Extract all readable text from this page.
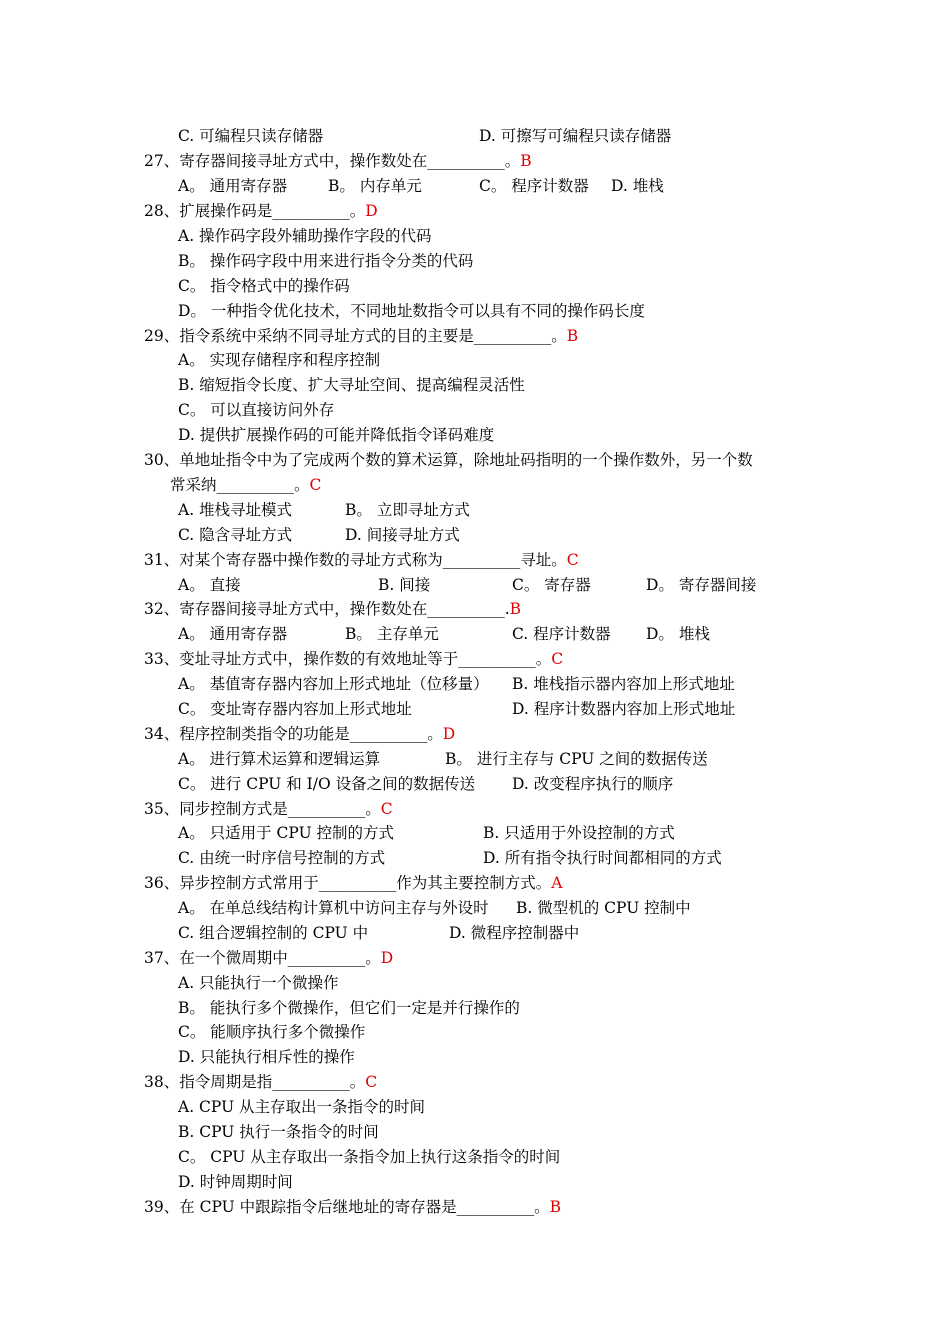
C. 可编程只读存储器	D. 可擦写可编程只读存储器
27、寄存器间接寻址方式中，操作数处在__________。B
A。 通用寄存器	B。 内存单元	C。 程序计数器 D. 堆栈
28、扩展操作码是__________。D
A. 操作码字段外辅助操作字段的代码
B。 操作码字段中用来进行指令分类的代码
C。 指令格式中的操作码
D。 一种指令优化技术，不同地址数指令可以具有不同的操作码长度
29、指令系统中采纳不同寻址方式的目的主要是__________。B
A。 实现存储程序和程序控制
B. 缩短指令长度、扩大寻址空间、提高编程灵活性
C。 可以直接访问外存
D. 提供扩展操作码的可能并降低指令译码难度
30、单地址指令中为了完成两个数的算术运算，除地址码指明的一个操作数外，另一个数
常采纳__________。C
A. 堆栈寻址模式	B。 立即寻址方式
C. 隐含寻址方式	D. 间接寻址方式
31、对某个寄存器中操作数的寻址方式称为__________寻址。C
A。 直接	B. 间接	C。 寄存器	D。 寄存器间接
32、寄存器间接寻址方式中，操作数处在__________.B
A。 通用寄存器	B。 主存单元	C. 程序计数器 D。 堆栈
33、变址寻址方式中，操作数的有效地址等于__________。C
A。 基值寄存器内容加上形式地址（位移量） B. 堆栈指示器内容加上形式地址
C。 变址寄存器内容加上形式地址	D. 程序计数器内容加上形式地址
34、程序控制类指令的功能是__________。D
A。 进行算术运算和逻辑运算	B。 进行主存与 CPU 之间的数据传送
C。 进行 CPU 和 I/O 设备之间的数据传送 D. 改变程序执行的顺序
35、同步控制方式是__________。C
A。 只适用于 CPU 控制的方式	B. 只适用于外设控制的方式
C. 由统一时序信号控制的方式	D. 所有指令执行时间都相同的方式
36、异步控制方式常用于__________作为其主要控制方式。A
A。 在单总线结构计算机中访问主存与外设时 B. 微型机的 CPU 控制中
C. 组合逻辑控制的 CPU 中	D. 微程序控制器中
37、在一个微周期中__________。D
A. 只能执行一个微操作
B。 能执行多个微操作，但它们一定是并行操作的
C。 能顺序执行多个微操作
D. 只能执行相斥性的操作
38、指令周期是指__________。C
A. CPU 从主存取出一条指令的时间
B. CPU 执行一条指令的时间
C。 CPU 从主存取出一条指令加上执行这条指令的时间
D. 时钟周期时间
39、在 CPU 中跟踪指令后继地址的寄存器是__________。B
